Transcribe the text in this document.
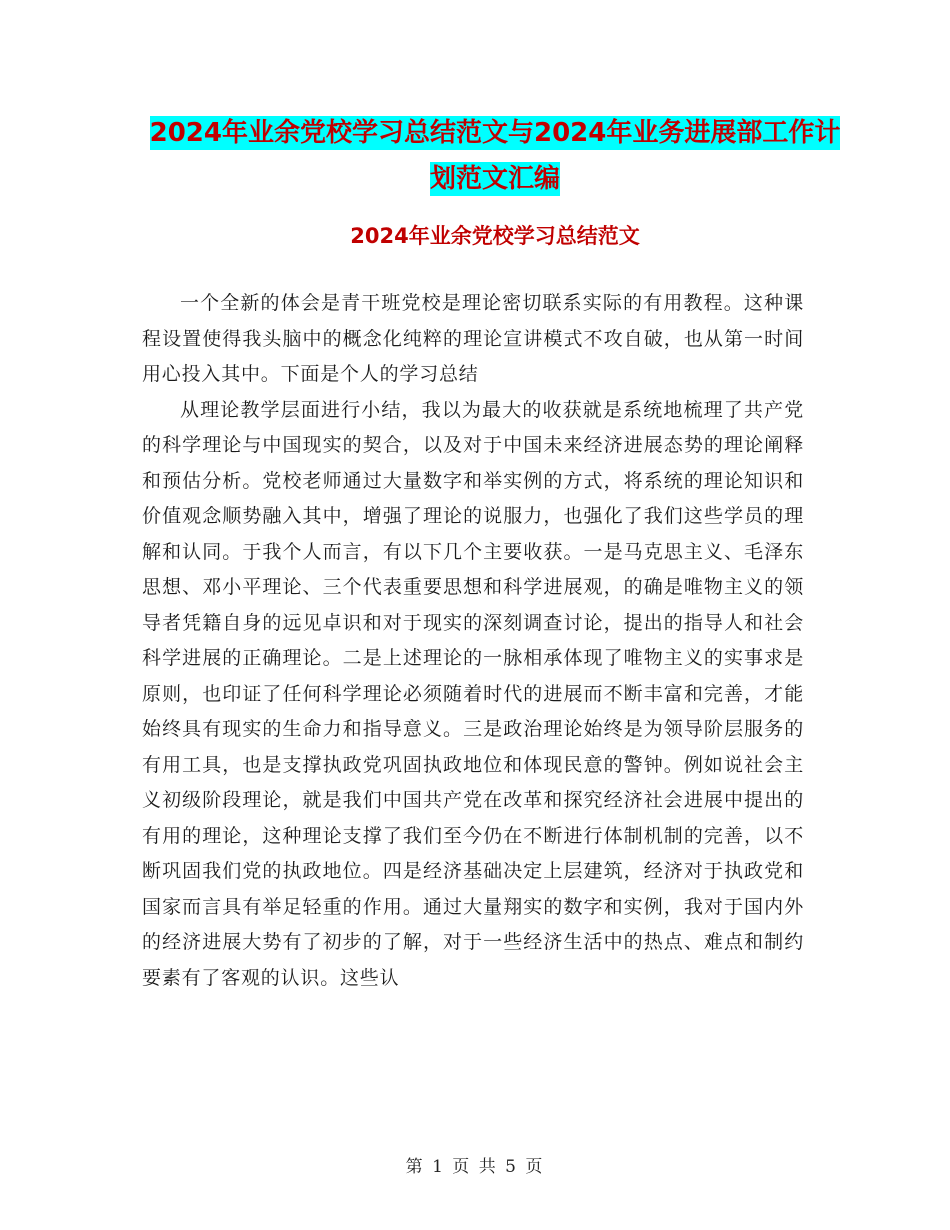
2024年业余党校学习总结范文与2024年业务进展部工作计划范文汇编
2024年业余党校学习总结范文

一个全新的体会是青干班党校是理论密切联系实际的有用教程。这种课程设置使得我头脑中的概念化纯粹的理论宣讲模式不攻自破，也从第一时间用心投入其中。下面是个人的学习总结

从理论教学层面进行小结，我以为最大的收获就是系统地梳理了共产党的科学理论与中国现实的契合，以及对于中国未来经济进展态势的理论阐释和预估分析。党校老师通过大量数字和举实例的方式，将系统的理论知识和价值观念顺势融入其中，增强了理论的说服力，也强化了我们这些学员的理解和认同。于我个人而言，有以下几个主要收获。一是马克思主义、毛泽东思想、邓小平理论、三个代表重要思想和科学进展观，的确是唯物主义的领导者凭籍自身的远见卓识和对于现实的深刻调查讨论，提出的指导人和社会科学进展的正确理论。二是上述理论的一脉相承体现了唯物主义的实事求是原则，也印证了任何科学理论必须随着时代的进展而不断丰富和完善，才能始终具有现实的生命力和指导意义。三是政治理论始终是为领导阶层服务的有用工具，也是支撑执政党巩固执政地位和体现民意的警钟。例如说社会主义初级阶段理论，就是我们中国共产党在改革和探究经济社会进展中提出的有用的理论，这种理论支撑了我们至今仍在不断进行体制机制的完善，以不断巩固我们党的执政地位。四是经济基础决定上层建筑，经济对于执政党和国家而言具有举足轻重的作用。通过大量翔实的数字和实例，我对于国内外的经济进展大势有了初步的了解，对于一些经济生活中的热点、难点和制约要素有了客观的认识。这些认

第 1 页 共 5 页
